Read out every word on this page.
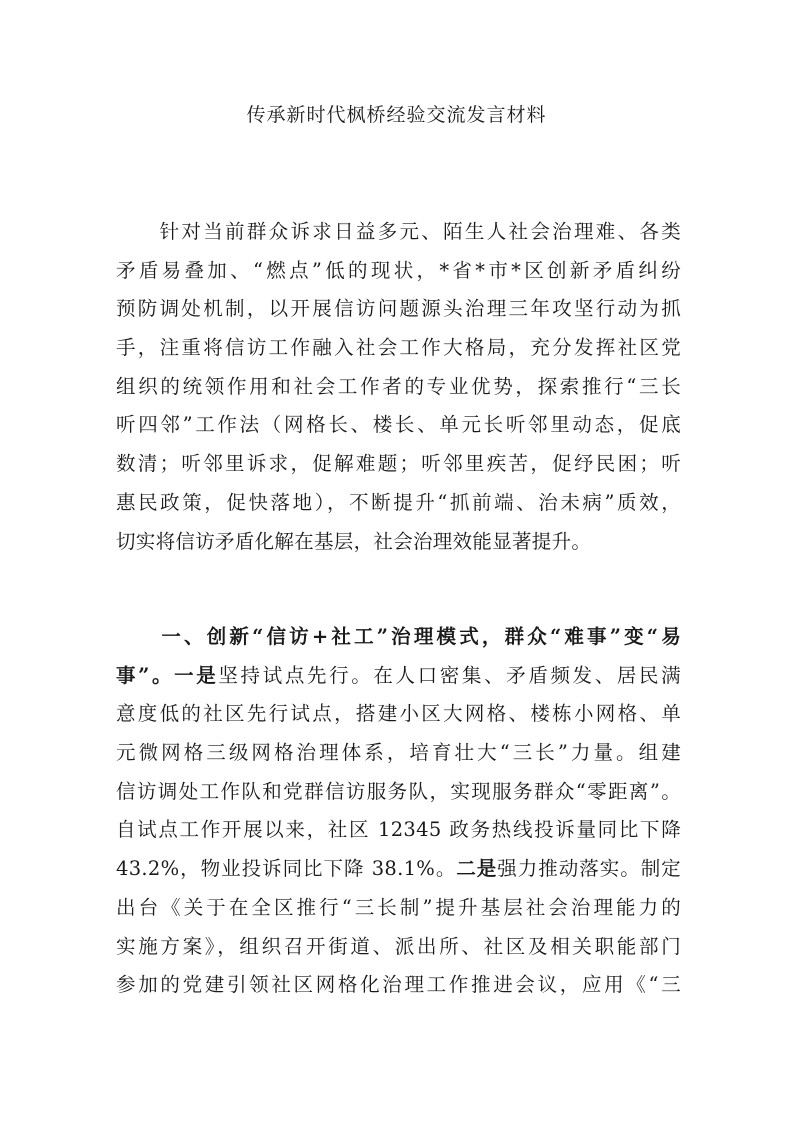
传承新时代枫桥经验交流发言材料
　　针对当前群众诉求日益多元、陌生人社会治理难、各类
矛盾易叠加、“燃点”低的现状，*省*市*区创新矛盾纠纷
预防调处机制，以开展信访问题源头治理三年攻坚行动为抓
手，注重将信访工作融入社会工作大格局，充分发挥社区党
组织的统领作用和社会工作者的专业优势，探索推行“三长
听四邻”工作法（网格长、楼长、单元长听邻里动态，促底
数清；听邻里诉求，促解难题；听邻里疾苦，促纾民困；听
惠民政策，促快落地），不断提升“抓前端、治未病”质效，
切实将信访矛盾化解在基层，社会治理效能显著提升。
　　一、创新“信访+社工”治理模式，群众“难事”变“易
事”。一是坚持试点先行。在人口密集、矛盾频发、居民满
意度低的社区先行试点，搭建小区大网格、楼栋小网格、单
元微网格三级网格治理体系，培育壮大“三长”力量。组建
信访调处工作队和党群信访服务队，实现服务群众“零距离”。
自试点工作开展以来，社区 12345 政务热线投诉量同比下降
43.2%，物业投诉同比下降 38.1%。二是强力推动落实。制定
出台《关于在全区推行“三长制”提升基层社会治理能力的
实施方案》，组织召开街道、派出所、社区及相关职能部门
参加的党建引领社区网格化治理工作推进会议，应用《“三
